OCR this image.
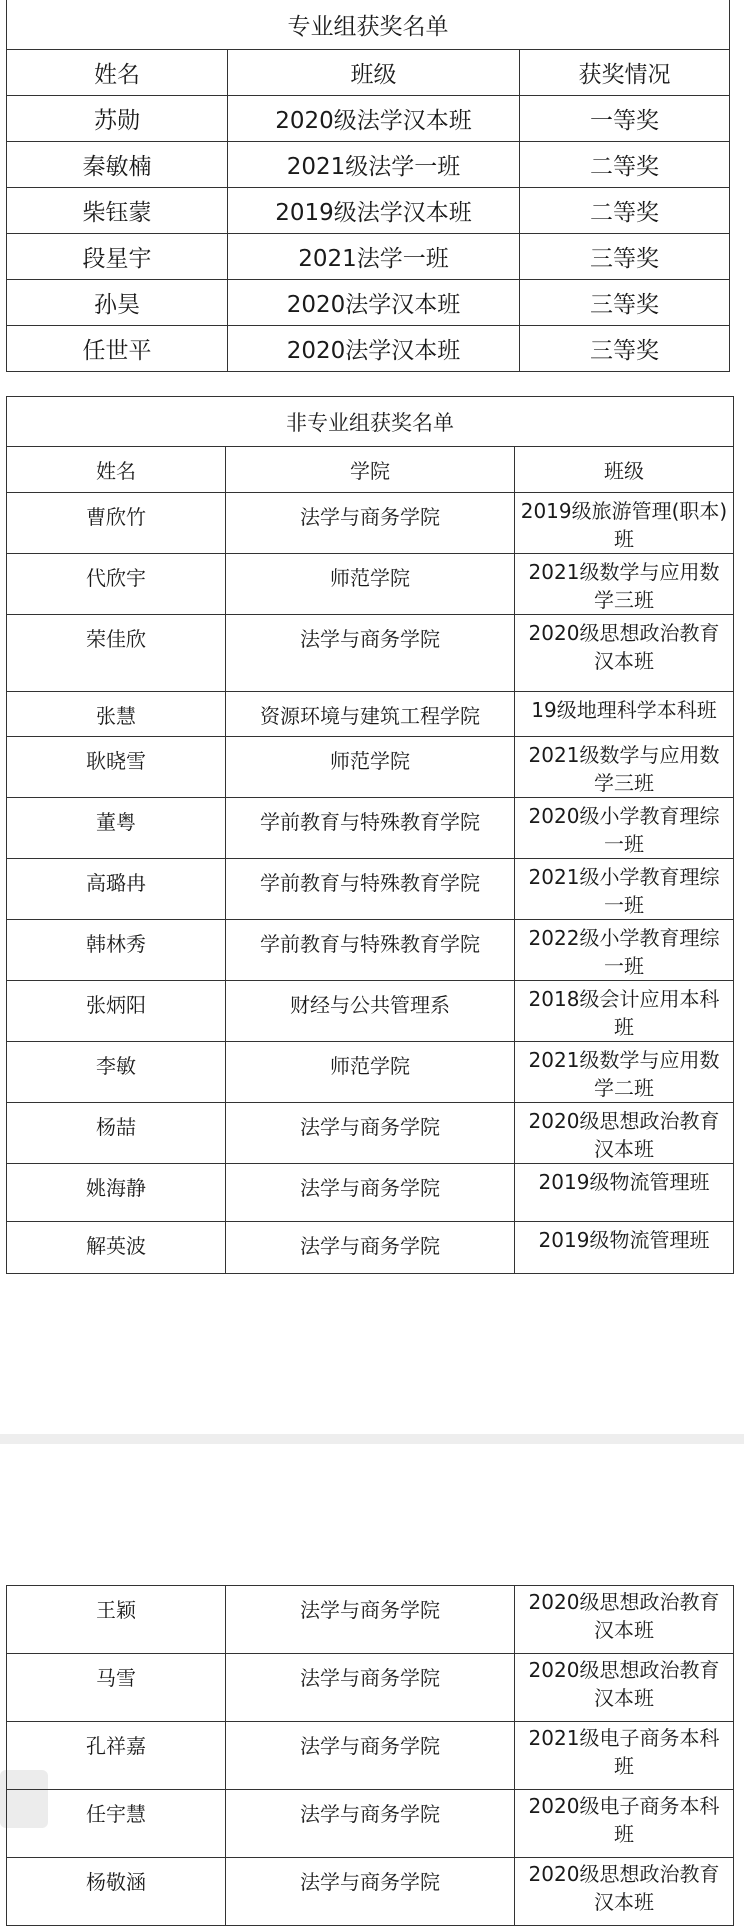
专业组获奖名单		
姓名	班级	获奖情况
苏勋	2020级法学汉本班	一等奖
秦敏楠	2021级法学一班	二等奖
柴钰蒙	2019级法学汉本班	二等奖
段星宇	2021法学一班	三等奖
孙昊	2020法学汉本班	三等奖
任世平	2020法学汉本班	三等奖
非专业组获奖名单		
姓名	学院	班级
曹欣竹	法学与商务学院	2019级旅游管理(职本)班
代欣宇	师范学院	2021级数学与应用数学三班
荣佳欣	法学与商务学院	2020级思想政治教育汉本班
张慧	资源环境与建筑工程学院	19级地理科学本科班
耿晓雪	师范学院	2021级数学与应用数学三班
董粤	学前教育与特殊教育学院	2020级小学教育理综一班
高璐冉	学前教育与特殊教育学院	2021级小学教育理综一班
韩林秀	学前教育与特殊教育学院	2022级小学教育理综一班
张炳阳	财经与公共管理系	2018级会计应用本科班
李敏	师范学院	2021级数学与应用数学二班
杨喆	法学与商务学院	2020级思想政治教育汉本班
姚海静	法学与商务学院	2019级物流管理班
解英波	法学与商务学院	2019级物流管理班
王颖	法学与商务学院	2020级思想政治教育汉本班
马雪	法学与商务学院	2020级思想政治教育汉本班
孔祥嘉	法学与商务学院	2021级电子商务本科班
任宇慧	法学与商务学院	2020级电子商务本科班
杨敬涵	法学与商务学院	2020级思想政治教育汉本班
